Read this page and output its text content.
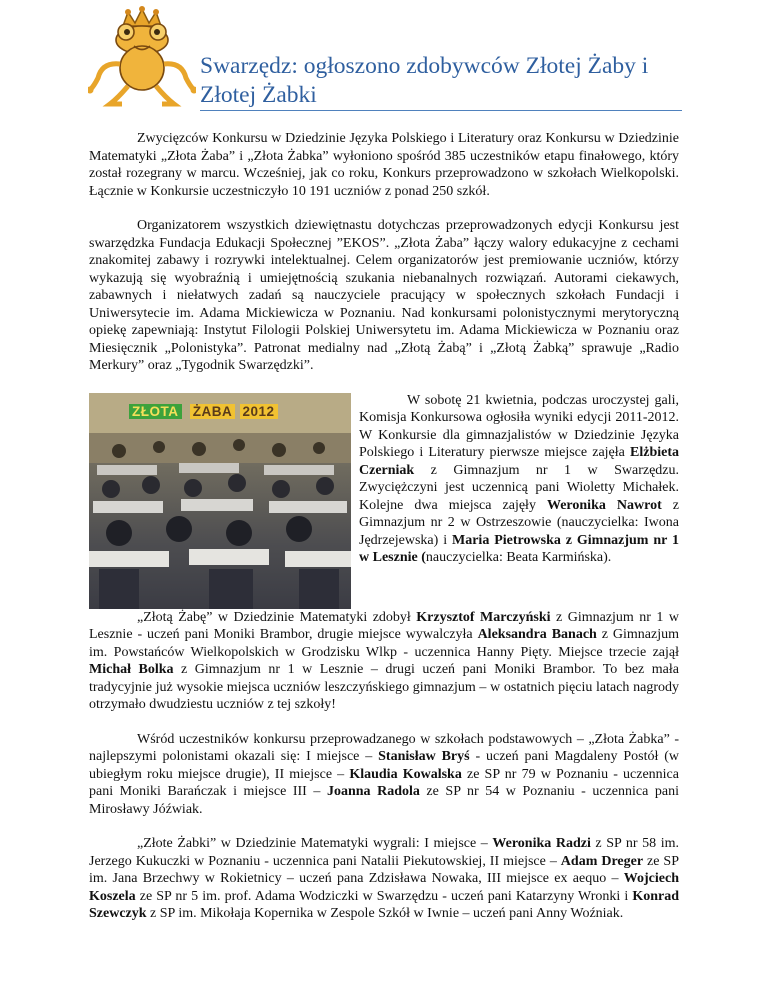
Swarzędz: ogłoszono zdobywców Złotej Żaby i Złotej Żabki

Zwycięzców Konkursu w Dziedzinie Języka Polskiego i Literatury oraz Konkursu w Dziedzinie Matematyki „Złota Żaba” i „Złota Żabka” wyłoniono spośród 385 uczestników etapu finałowego, który został rozegrany w marcu. Wcześniej, jak co roku, Konkurs przeprowadzono w szkołach Wielkopolski. Łącznie w Konkursie uczestniczyło 10 191 uczniów z ponad 250 szkół.

Organizatorem wszystkich dziewiętnastu dotychczas przeprowadzonych edycji Konkursu jest swarzędzka Fundacja Edukacji Społecznej ”EKOS”. „Złota Żaba” łączy walory edukacyjne z cechami znakomitej zabawy i rozrywki intelektualnej. Celem organizatorów jest premiowanie uczniów, którzy wykazują się wyobraźnią i umiejętnością szukania niebanalnych rozwiązań. Autorami ciekawych, zabawnych i niełatwych zadań są nauczyciele pracujący w społecznych szkołach Fundacji i Uniwersytecie im. Adama Mickiewicza w Poznaniu. Nad konkursami polonistycznymi merytoryczną opiekę zapewniają: Instytut Filologii Polskiej Uniwersytetu im. Adama Mickiewicza w Poznaniu oraz Miesięcznik „Polonistyka”. Patronat medialny nad „Złotą Żabą” i „Złotą Żabką” sprawuje „Radio Merkury” oraz „Tygodnik Swarzędzki”.

ZŁOTA ŻABA 2012
W sobotę 21 kwietnia, podczas uroczystej gali, Komisja Konkursowa ogłosiła wyniki edycji 2011-2012. W Konkursie dla gimnazjalistów w Dziedzinie Języka Polskiego i Literatury pierwsze miejsce zajęła Elżbieta Czerniak z Gimnazjum nr 1 w Swarzędzu. Zwyciężczyni jest uczennicą pani Wioletty Michałek. Kolejne dwa miejsca zajęły Weronika Nawrot z Gimnazjum nr 2 w Ostrzeszowie (nauczycielka: Iwona Jędrzejewska) i Maria Pietrowska z Gimnazjum nr 1 w Lesznie (nauczycielka: Beata Karmińska).

„Złotą Żabę” w Dziedzinie Matematyki zdobył Krzysztof Marczyński z Gimnazjum nr 1 w Lesznie - uczeń pani Moniki Brambor, drugie miejsce wywalczyła Aleksandra Banach z Gimnazjum im. Powstańców Wielkopolskich w Grodzisku Wlkp - uczennica Hanny Pięty. Miejsce trzecie zajął Michał Bolka z Gimnazjum nr 1 w Lesznie – drugi uczeń pani Moniki Brambor. To bez mała tradycyjnie już wysokie miejsca uczniów leszczyńskiego gimnazjum – w ostatnich pięciu latach nagrody otrzymało dwudziestu uczniów z tej szkoły!

Wśród uczestników konkursu przeprowadzanego w szkołach podstawowych – „Złota Żabka” - najlepszymi polonistami okazali się: I miejsce – Stanisław Bryś - uczeń pani Magdaleny Postół (w ubiegłym roku miejsce drugie), II miejsce – Klaudia Kowalska ze SP nr 79 w Poznaniu - uczennica pani Moniki Barańczak i miejsce III – Joanna Radola ze SP nr 54 w Poznaniu - uczennica pani Mirosławy Jóźwiak.

„Złote Żabki” w Dziedzinie Matematyki wygrali: I miejsce – Weronika Radzi z SP nr 58 im. Jerzego Kukuczki w Poznaniu - uczennica pani Natalii Piekutowskiej, II miejsce – Adam Dreger ze SP im. Jana Brzechwy w Rokietnicy – uczeń pana Zdzisława Nowaka, III miejsce ex aequo – Wojciech Koszela ze SP nr 5 im. prof. Adama Wodziczki w Swarzędzu - uczeń pani Katarzyny Wronki i Konrad Szewczyk z SP im. Mikołaja Kopernika w Zespole Szkół w Iwnie – uczeń pani Anny Woźniak.
